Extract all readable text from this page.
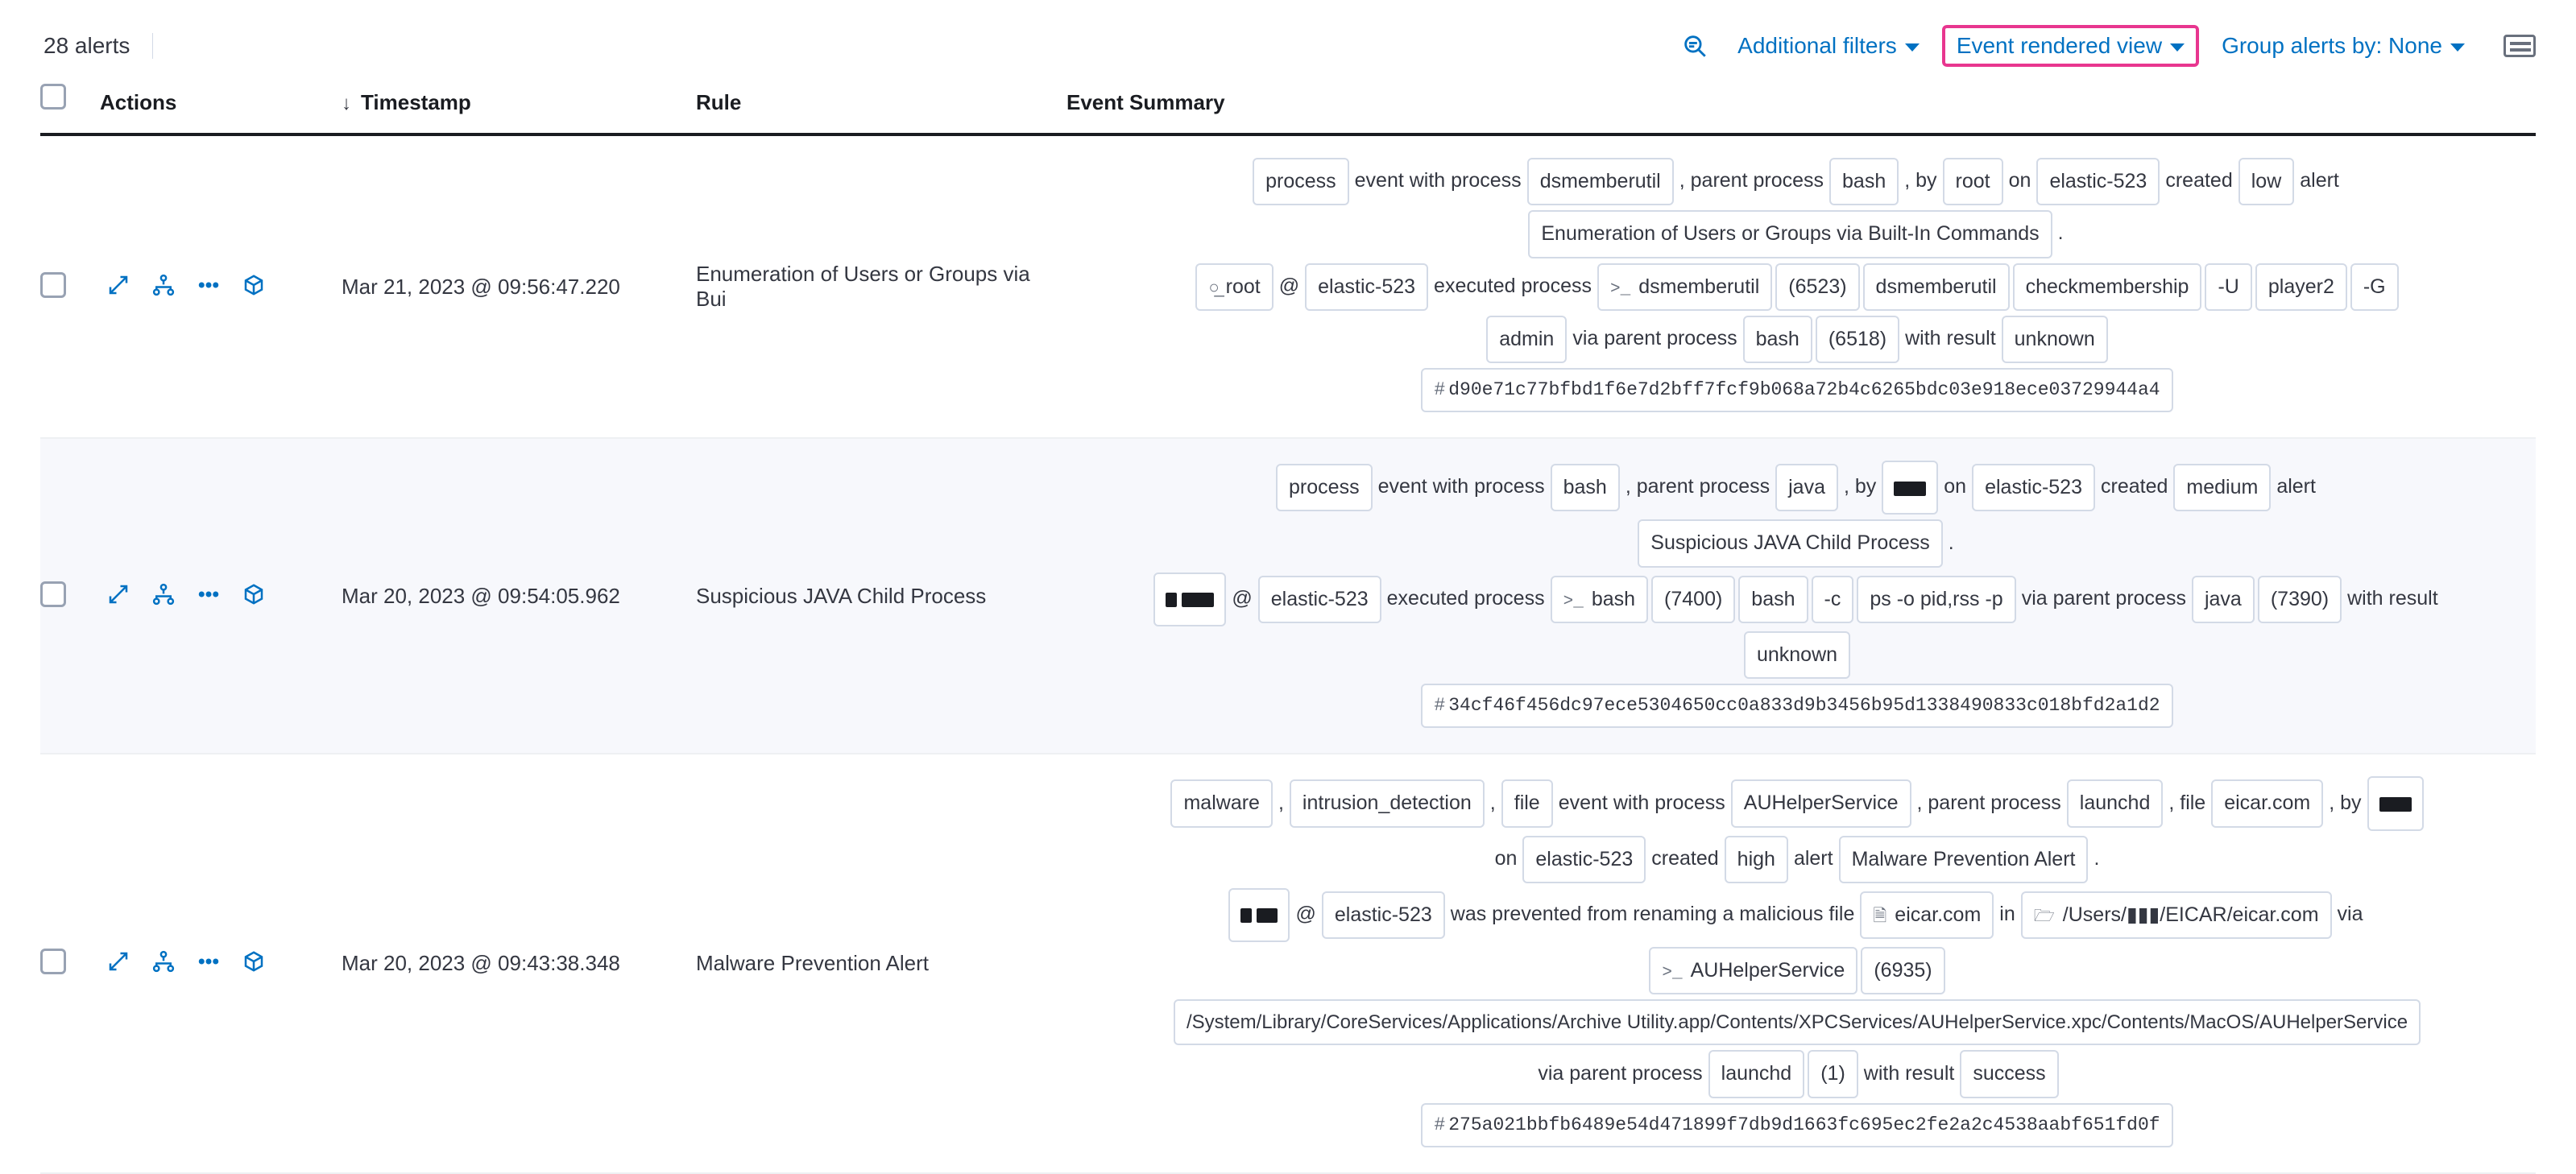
28 alerts	Additional filters	Event rendered view	Group alerts by: None
	Actions	↓ Timestamp	Rule	Event Summary

	Mar 21, 2023 @ 09:56:47.220	Enumeration of Users or Groups via Bui	process event with process dsmemberutil , parent process bash , by root on elastic-523 created low alert
Enumeration of Users or Groups via Built-In Commands .
○̲ root @ elastic-523 executed process >_ dsmemberutil (6523) dsmemberutil checkmembership -U player2 -G
admin via parent process bash (6518) with result unknown
# d90e71c77bfbd1f6e7d2bff7fcf9b068a72b4c6265bdc03e918ece03729944a4

	Mar 20, 2023 @ 09:54:05.962	Suspicious JAVA Child Process	process event with process bash , parent process java , by on elastic-523 created medium alert
Suspicious JAVA Child Process .
@ elastic-523 executed process >_ bash (7400) bash -c ps -o pid,rss -p via parent process java (7390) with result
unknown
# 34cf46f456dc97ece5304650cc0a833d9b3456b95d1338490833c018bfd2a1d2

	Mar 20, 2023 @ 09:43:38.348	Malware Prevention Alert	
malware , intrusion_detection , file event with process AUHelperService , parent process launchd , file eicar.com , by
on elastic-523 created high alert Malware Prevention Alert .
@ elastic-523 was prevented from renaming a malicious file 🗎 eicar.com in 🗁 /Users/▮▮▮/EICAR/eicar.com via
>_ AUHelperService (6935)
/System/Library/CoreServices/Applications/Archive Utility.app/Contents/XPCServices/AUHelperService.xpc/Contents/MacOS/AUHelperService
via parent process launchd (1) with result success
# 275a021bbfb6489e54d471899f7db9d1663fc695ec2fe2a2c4538aabf651fd0f
